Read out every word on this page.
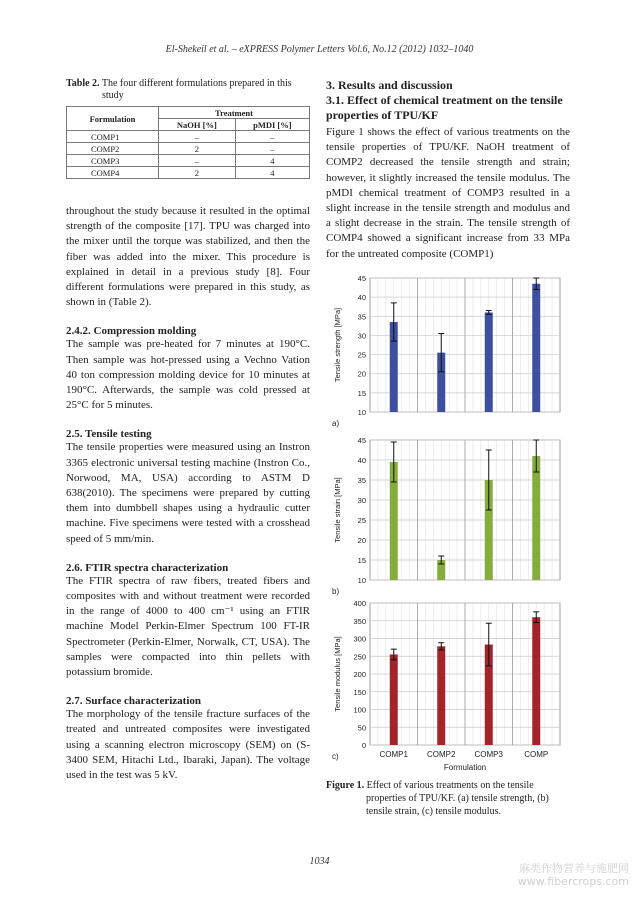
El-Shekeil et al. – eXPRESS Polymer Letters Vol.6, No.12 (2012) 1032–1040
Table 2. The four different formulations prepared in this study
Formulation	Treatment	
	NaOH [%]	pMDI [%]
COMP1	–	–
COMP2	2	–
COMP3	–	4
COMP4	2	4

throughout the study because it resulted in the optimal strength of the composite [17]. TPU was charged into the mixer until the torque was stabilized, and then the fiber was added into the mixer. This procedure is explained in detail in a previous study [8]. Four different formulations were prepared in this study, as shown in (Table 2).

2.4.2. Compression molding

The sample was pre-heated for 7 minutes at 190°C. Then sample was hot-pressed using a Vechno Vation 40 ton compression molding device for 10 minutes at 190°C. Afterwards, the sample was cold pressed at 25°C for 5 minutes.

2.5. Tensile testing

The tensile properties were measured using an Instron 3365 electronic universal testing machine (Instron Co., Norwood, MA, USA) according to ASTM D 638(2010). The specimens were prepared by cutting them into dumbbell shapes using a hydraulic cutter machine. Five specimens were tested with a crosshead speed of 5 mm/min.

2.6. FTIR spectra characterization

The FTIR spectra of raw fibers, treated fibers and composites with and without treatment were recorded in the range of 4000 to 400 cm⁻¹ using an FTIR machine Model Perkin-Elmer Spectrum 100 FT-IR Spectrometer (Perkin-Elmer, Norwalk, CT, USA). The samples were compacted into thin pellets with potassium bromide.

2.7. Surface characterization

The morphology of the tensile fracture surfaces of the treated and untreated composites were investigated using a scanning electron microscopy (SEM) on (S-3400 SEM, Hitachi Ltd., Ibaraki, Japan). The voltage used in the test was 5 kV.

3. Results and discussion
3.1. Effect of chemical treatment on the tensile properties of TPU/KF

Figure 1 shows the effect of various treatments on the tensile properties of TPU/KF. NaOH treatment of COMP2 decreased the tensile strength and strain; however, it slightly increased the tensile modulus. The pMDI chemical treatment of COMP3 resulted in a slight increase in the tensile strength and modulus and a slight decrease in the strain. The tensile strength of COMP4 showed a significant increase from 33 MPa for the untreated composite (COMP1)

10
15
20
25
30
35
40
45
Tensile strength [MPa]
a)
10
15
20
25
30
35
40
45
Tensile strain [MPa]
b)
0
50
100
150
200
250
300
350
400
Tensile modulus [MPa]
c)	COMP1 COMP2 COMP3	COMP
Formulation
Figure 1. Effect of various treatments on the tensile properties of TPU/KF. (a) tensile strength, (b) tensile strain, (c) tensile modulus.
1034
麻类作物营养与施肥网
www.fibercrops.com
